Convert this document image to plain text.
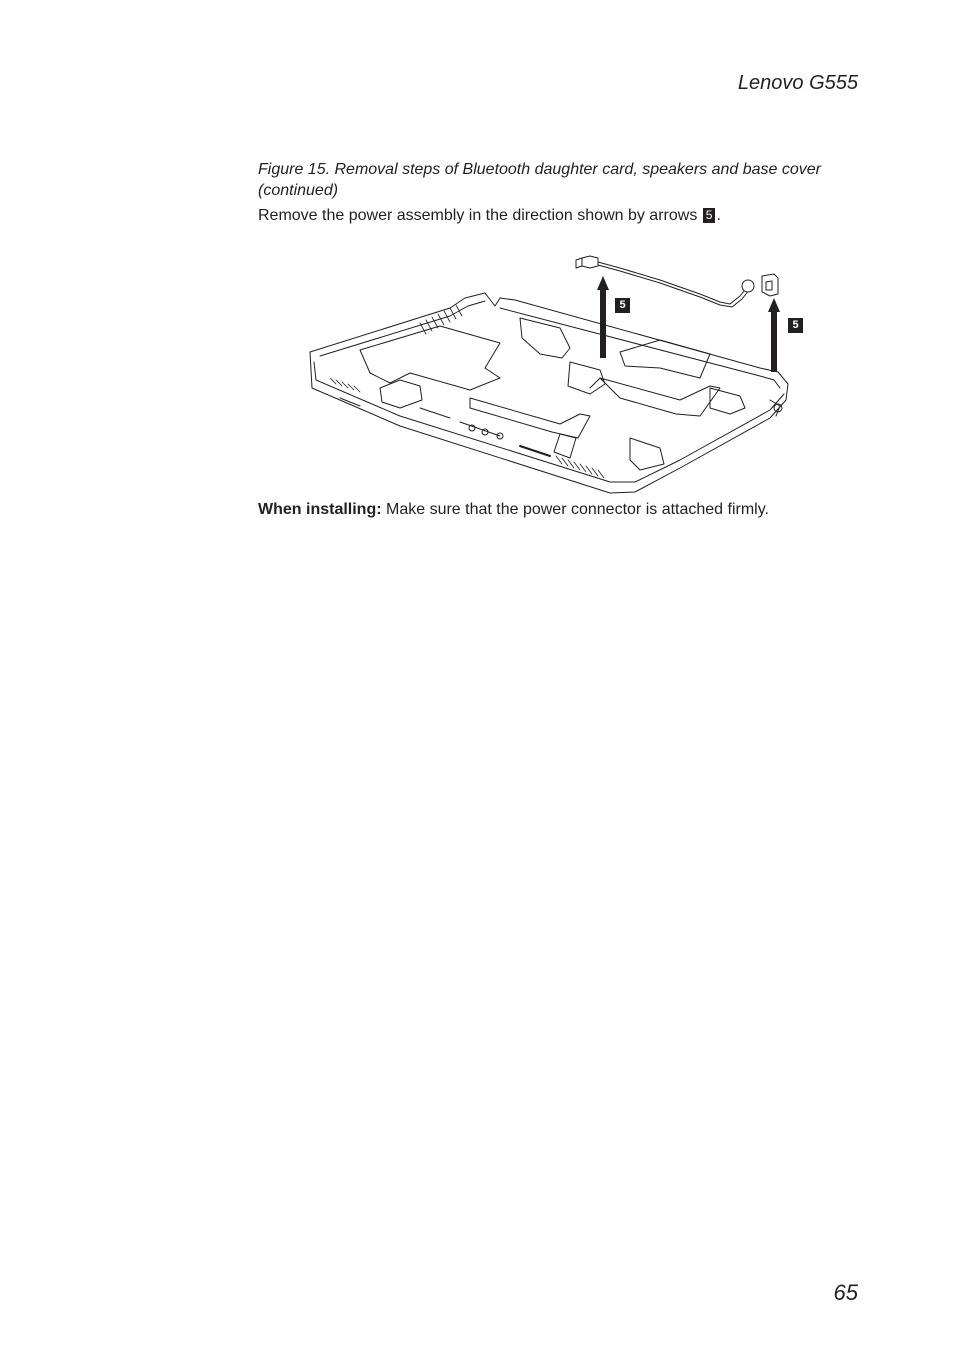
Lenovo G555
Figure 15. Removal steps of Bluetooth daughter card, speakers and base cover (continued)
Remove the power assembly in the direction shown by arrows 5 .
5
5
When installing: Make sure that the power connector is attached firmly.
65
